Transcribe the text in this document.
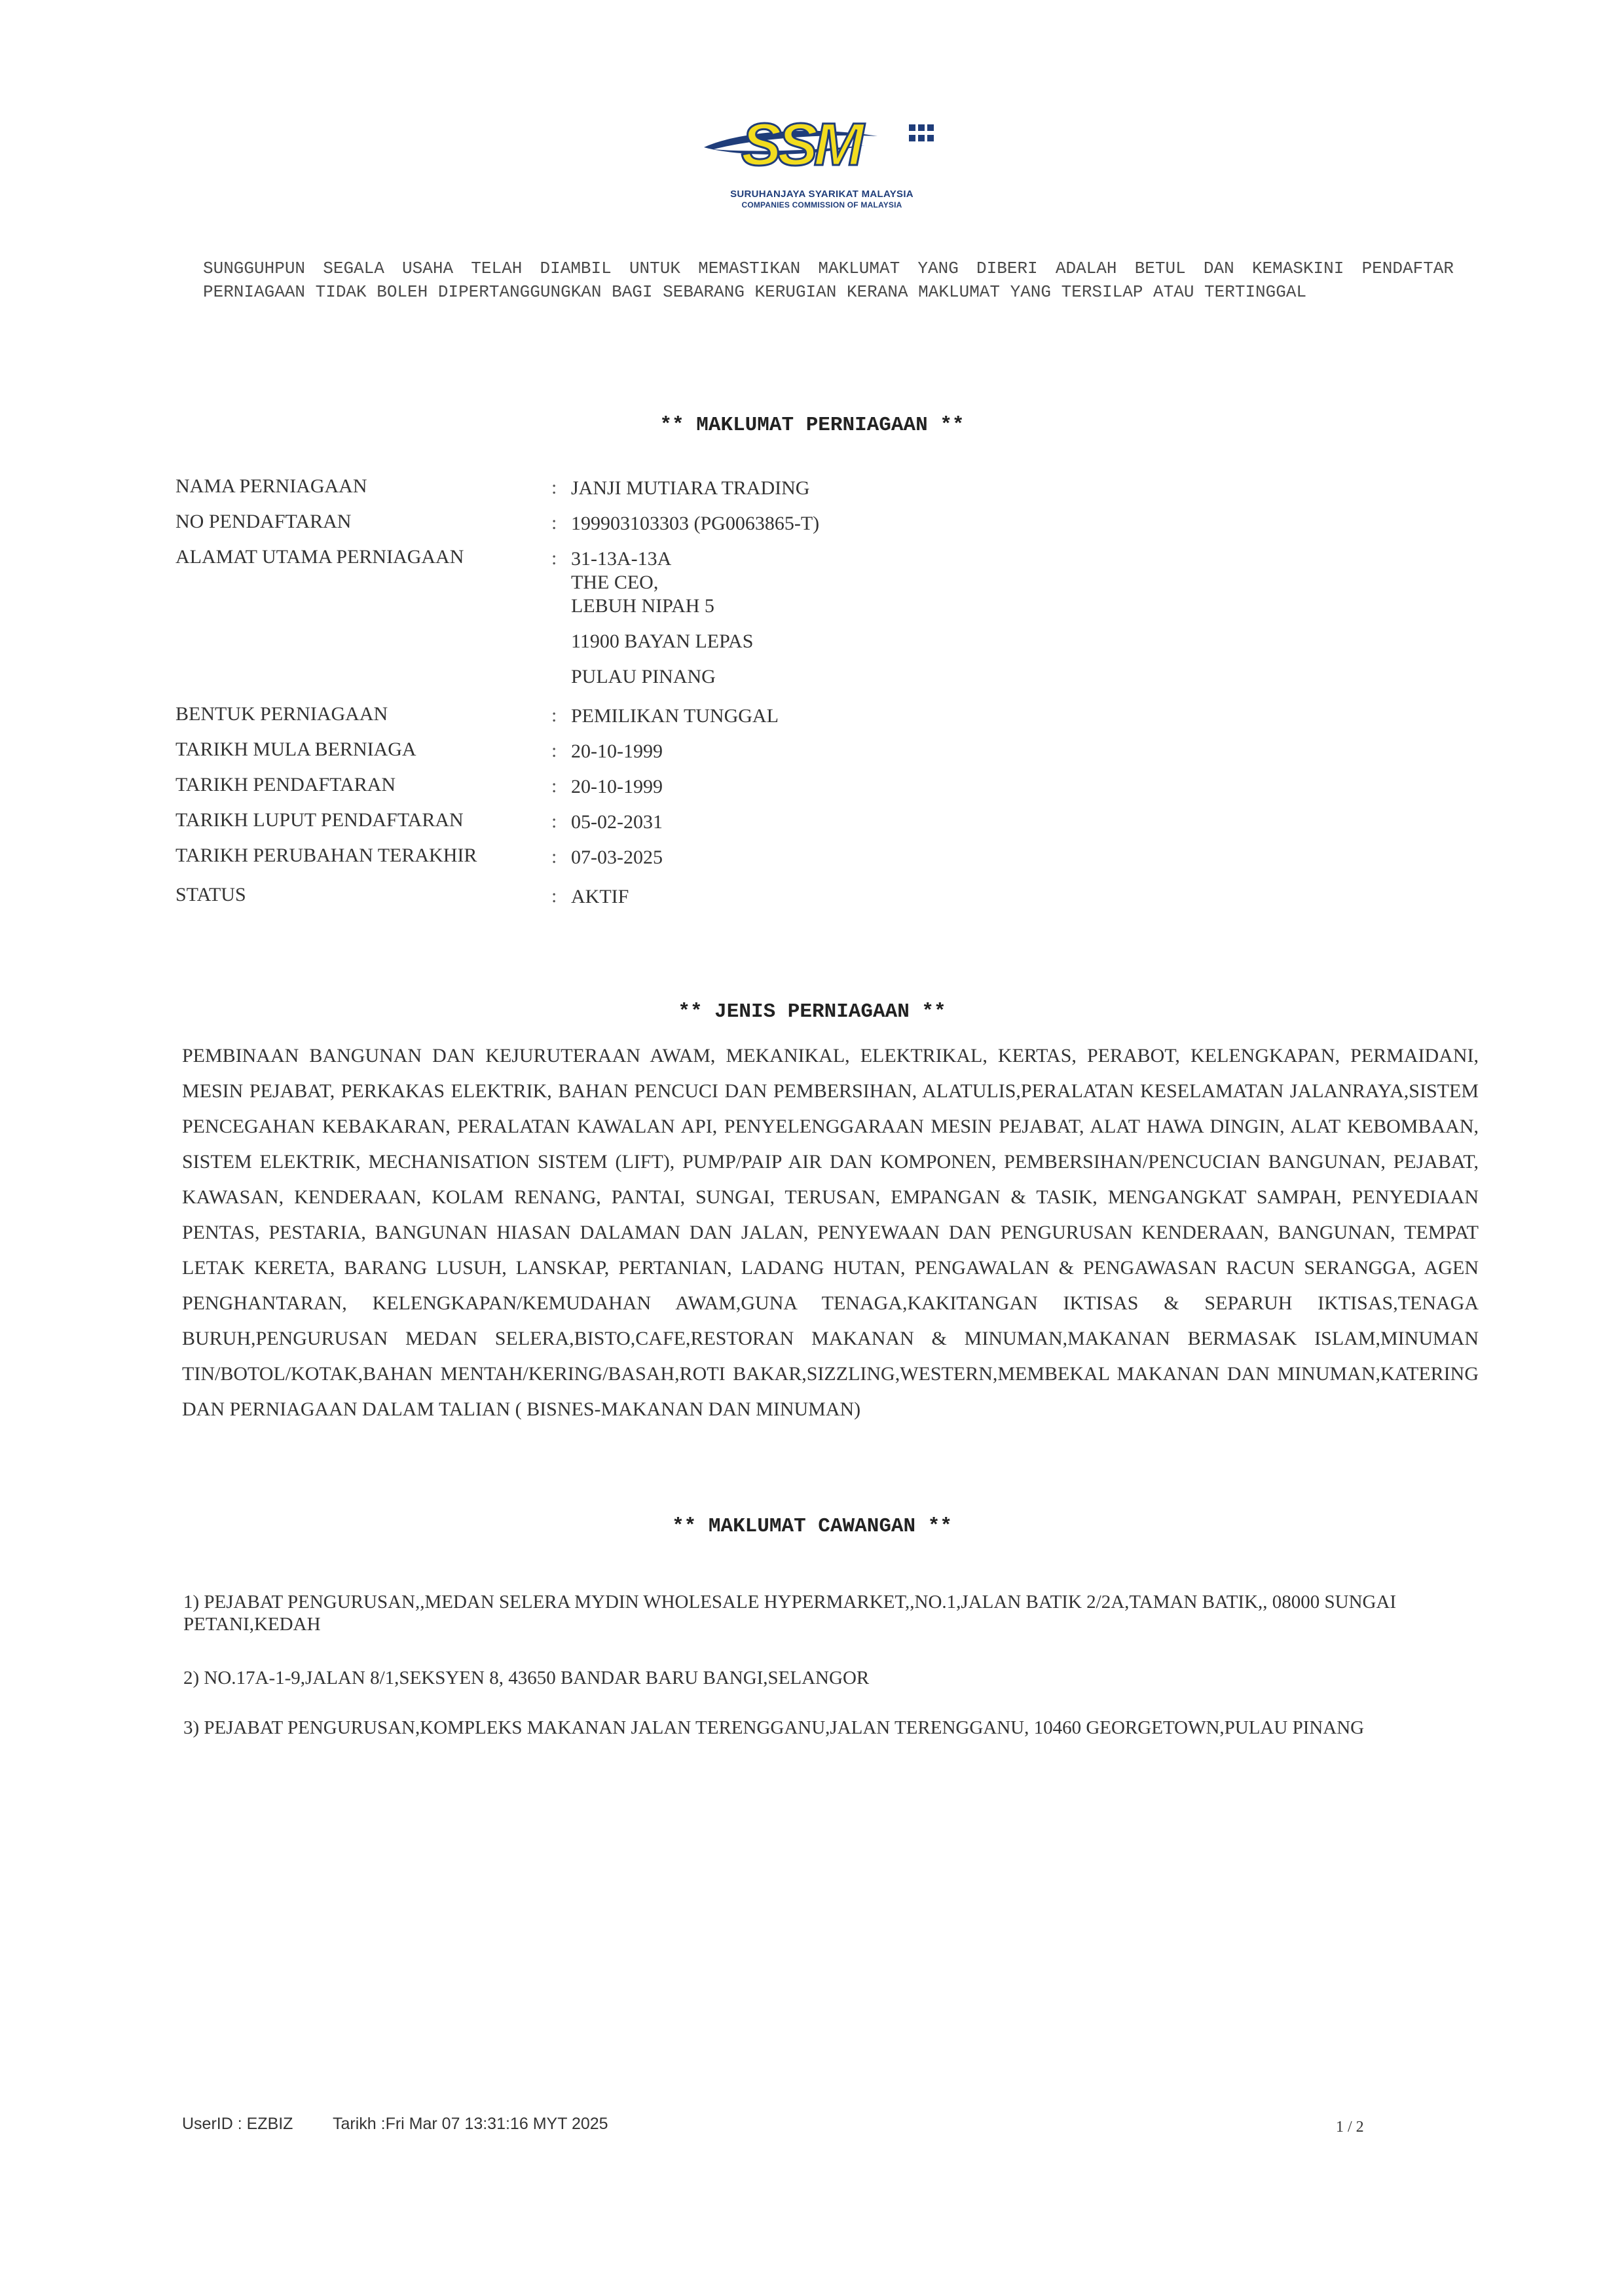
SSM
SURUHANJAYA SYARIKAT MALAYSIA
COMPANIES COMMISSION OF MALAYSIA
SUNGGUHPUN SEGALA USAHA TELAH DIAMBIL UNTUK MEMASTIKAN MAKLUMAT YANG DIBERI ADALAH BETUL DAN KEMASKINI PENDAFTAR PERNIAGAAN TIDAK BOLEH DIPERTANGGUNGKAN BAGI SEBARANG KERUGIAN KERANA MAKLUMAT YANG TERSILAP ATAU TERTINGGAL
** MAKLUMAT PERNIAGAAN **
NAMA PERNIAGAAN	: JANJI MUTIARA TRADING
NO PENDAFTARAN	: 199903103303 (PG0063865-T)
ALAMAT UTAMA PERNIAGAAN	: 31-13A-13A
THE CEO,
LEBUH NIPAH 5
11900 BAYAN LEPAS
PULAU PINANG
BENTUK PERNIAGAAN	: PEMILIKAN TUNGGAL
TARIKH MULA BERNIAGA	: 20-10-1999
TARIKH PENDAFTARAN	: 20-10-1999
TARIKH LUPUT PENDAFTARAN	: 05-02-2031
TARIKH PERUBAHAN TERAKHIR	: 07-03-2025
STATUS	: AKTIF
** JENIS PERNIAGAAN **
PEMBINAAN BANGUNAN DAN KEJURUTERAAN AWAM, MEKANIKAL, ELEKTRIKAL, KERTAS, PERABOT, KELENGKAPAN, PERMAIDANI, MESIN PEJABAT, PERKAKAS ELEKTRIK, BAHAN PENCUCI DAN PEMBERSIHAN, ALATULIS,PERALATAN KESELAMATAN JALANRAYA,SISTEM PENCEGAHAN KEBAKARAN, PERALATAN KAWALAN API, PENYELENGGARAAN MESIN PEJABAT, ALAT HAWA DINGIN, ALAT KEBOMBAAN, SISTEM ELEKTRIK, MECHANISATION SISTEM (LIFT), PUMP/PAIP AIR DAN KOMPONEN, PEMBERSIHAN/PENCUCIAN BANGUNAN, PEJABAT, KAWASAN, KENDERAAN, KOLAM RENANG, PANTAI, SUNGAI, TERUSAN, EMPANGAN & TASIK, MENGANGKAT SAMPAH, PENYEDIAAN PENTAS, PESTARIA, BANGUNAN HIASAN DALAMAN DAN JALAN, PENYEWAAN DAN PENGURUSAN KENDERAAN, BANGUNAN, TEMPAT LETAK KERETA, BARANG LUSUH, LANSKAP, PERTANIAN, LADANG HUTAN, PENGAWALAN & PENGAWASAN RACUN SERANGGA, AGEN PENGHANTARAN, KELENGKAPAN/KEMUDAHAN AWAM,GUNA TENAGA,KAKITANGAN IKTISAS & SEPARUH IKTISAS,TENAGA BURUH,PENGURUSAN MEDAN SELERA,BISTO,CAFE,RESTORAN MAKANAN & MINUMAN,MAKANAN BERMASAK ISLAM,MINUMAN TIN/BOTOL/KOTAK,BAHAN MENTAH/KERING/BASAH,ROTI BAKAR,SIZZLING,WESTERN,MEMBEKAL MAKANAN DAN MINUMAN,KATERING DAN PERNIAGAAN DALAM TALIAN ( BISNES-MAKANAN DAN MINUMAN)
** MAKLUMAT CAWANGAN **
1) PEJABAT PENGURUSAN,,MEDAN SELERA MYDIN WHOLESALE HYPERMARKET,,NO.1,JALAN BATIK 2/2A,TAMAN BATIK,, 08000 SUNGAI PETANI,KEDAH
2) NO.17A-1-9,JALAN 8/1,SEKSYEN 8, 43650 BANDAR BARU BANGI,SELANGOR
3) PEJABAT PENGURUSAN,KOMPLEKS MAKANAN JALAN TERENGGANU,JALAN TERENGGANU, 10460 GEORGETOWN,PULAU PINANG
UserID : EZBIZ Tarikh :Fri Mar 07 13:31:16 MYT 2025	1 / 2
